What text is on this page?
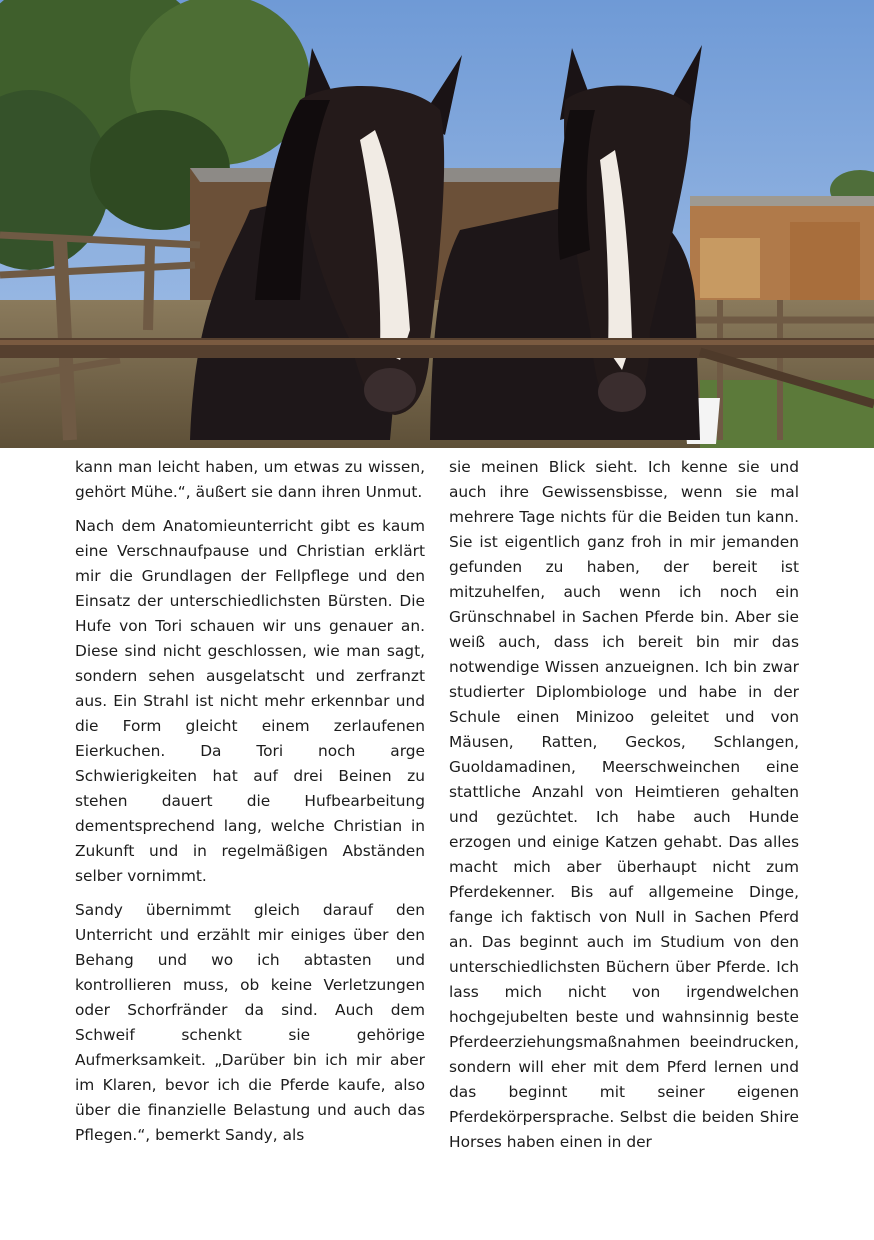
kann man leicht haben, um etwas zu wissen, gehört Mühe.“, äußert sie dann ihren Unmut.

Nach dem Anatomieunterricht gibt es kaum eine Verschnaufpause und Christian erklärt mir die Grundlagen der Fellpflege und den Einsatz der unterschiedlichsten Bürsten. Die Hufe von Tori schauen wir uns genauer an. Diese sind nicht geschlossen, wie man sagt, sondern sehen ausgelatscht und zerfranzt aus. Ein Strahl ist nicht mehr erkennbar und die Form gleicht einem zerlaufenen Eierkuchen. Da Tori noch arge Schwierigkeiten hat auf drei Beinen zu stehen dauert die Hufbearbeitung dementsprechend lang, welche Christian in Zukunft und in regelmäßigen Abständen selber vornimmt.

Sandy übernimmt gleich darauf den Unterricht und erzählt mir einiges über den Behang und wo ich abtasten und kontrollieren muss, ob keine Verletzungen oder Schorfränder da sind. Auch dem Schweif schenkt sie gehörige Aufmerksamkeit. „Darüber bin ich mir aber im Klaren, bevor ich die Pferde kaufe, also über die finanzielle Belastung und auch das Pflegen.“, bemerkt Sandy, als

sie meinen Blick sieht. Ich kenne sie und auch ihre Gewissensbisse, wenn sie mal mehrere Tage nichts für die Beiden tun kann. Sie ist eigentlich ganz froh in mir jemanden gefunden zu haben, der bereit ist mitzuhelfen, auch wenn ich noch ein Grünschnabel in Sachen Pferde bin. Aber sie weiß auch, dass ich bereit bin mir das notwendige Wissen anzueignen. Ich bin zwar studierter Diplombiologe und habe in der Schule einen Minizoo geleitet und von Mäusen, Ratten, Geckos, Schlangen, Guoldamadinen, Meerschweinchen eine stattliche Anzahl von Heimtieren gehalten und gezüchtet. Ich habe auch Hunde erzogen und einige Katzen gehabt. Das alles macht mich aber überhaupt nicht zum Pferdekenner. Bis auf allgemeine Dinge, fange ich faktisch von Null in Sachen Pferd an. Das beginnt auch im Studium von den unterschiedlichsten Büchern über Pferde. Ich lass mich nicht von irgendwelchen hochgejubelten beste und wahnsinnig beste Pferdeerziehungsmaßnahmen beeindrucken, sondern will eher mit dem Pferd lernen und das beginnt mit seiner eigenen Pferdekörpersprache. Selbst die beiden Shire Horses haben einen in der
